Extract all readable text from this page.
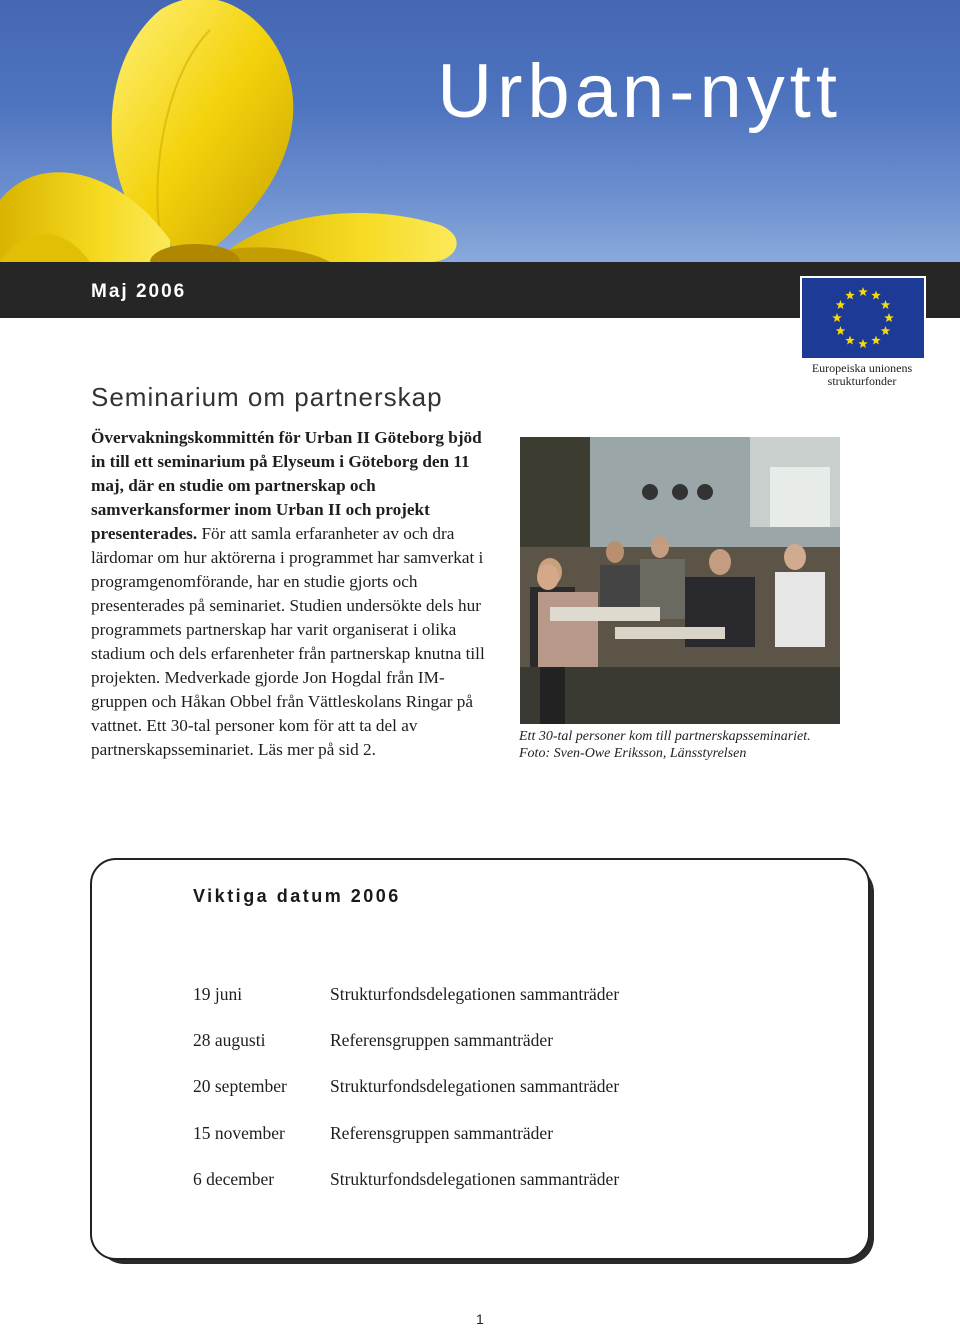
Urban-nytt
Maj 2006
Europeiska unionens
strukturfonder
Seminarium om partnerskap
Övervakningskommittén för Urban II Göteborg bjöd in till ett seminarium på Elyseum i Göteborg den 11 maj, där en studie om partnerskap och samverkansformer inom Urban II och projekt presenterades. För att samla erfaranheter av och dra lärdomar om hur aktörerna i programmet har samverkat i programgenomförande, har en studie gjorts och presenterades på seminariet. Studien undersökte dels hur programmets partnerskap har varit organiserat i olika stadium och dels erfarenheter från partnerskap knutna till projekten. Medverkade gjorde Jon Hogdal från IM-gruppen och Håkan Obbel från Vättleskolans Ringar på vattnet. Ett 30-tal personer kom för att ta del av partnerskapsseminariet. Läs mer på sid 2.
Ett 30-tal personer kom till partnerskapsseminariet.
Foto: Sven-Owe Eriksson, Länsstyrelsen
Viktiga datum 2006
19 juni	Strukturfondsdelegationen sammanträder
28 augusti	Referensgruppen sammanträder
20 september Strukturfondsdelegationen sammanträder
15 november	Referensgruppen sammanträder
6 december	Strukturfondsdelegationen sammanträder
1
